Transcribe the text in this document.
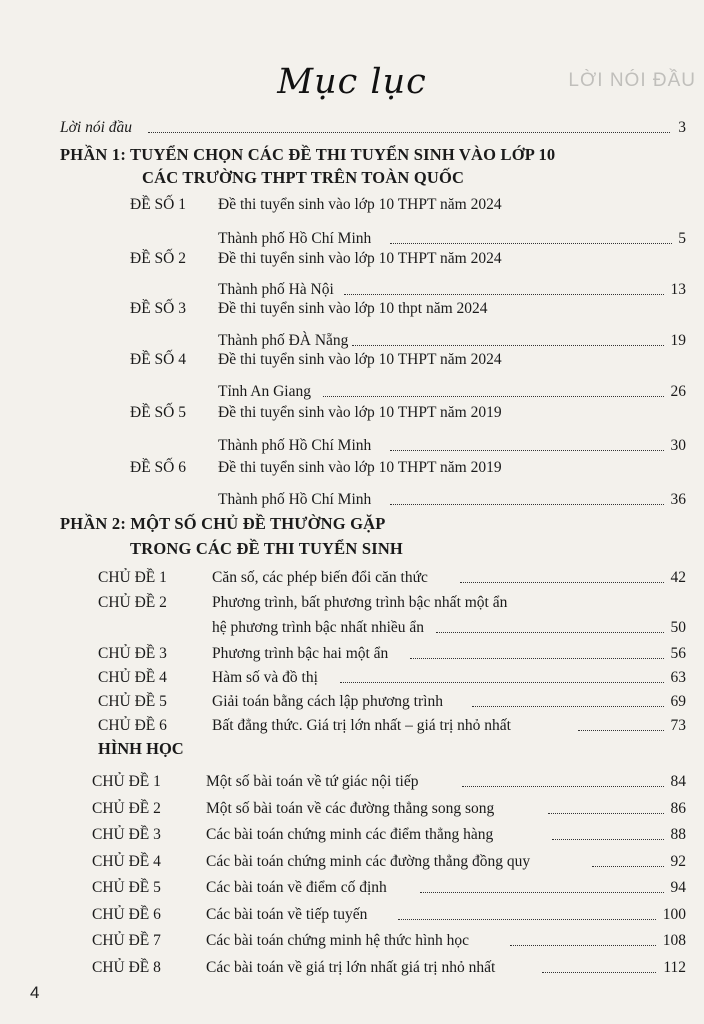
LỜI NÓI ĐẦU
Mục lục
Lời nói đầu	3
PHẦN 1: TUYỂN CHỌN CÁC ĐỀ THI TUYỂN SINH VÀO LỚP 10
CÁC TRƯỜNG THPT TRÊN TOÀN QUỐC
ĐỀ SỐ 1 Đề thi tuyển sinh vào lớp 10 THPT năm 2024
Thành phố Hồ Chí Minh	5
ĐỀ SỐ 2 Đề thi tuyển sinh vào lớp 10 THPT năm 2024
Thành phố Hà Nội	13
ĐỀ SỐ 3 Đề thi tuyển sinh vào lớp 10 thpt năm 2024
Thành phố ĐÀ Nẵng	19
ĐỀ SỐ 4 Đề thi tuyển sinh vào lớp 10 THPT năm 2024
Tỉnh An Giang	26
ĐỀ SỐ 5 Đề thi tuyển sinh vào lớp 10 THPT năm 2019
Thành phố Hồ Chí Minh	30
ĐỀ SỐ 6 Đề thi tuyển sinh vào lớp 10 THPT năm 2019
Thành phố Hồ Chí Minh	36
PHẦN 2: MỘT SỐ CHỦ ĐỀ THƯỜNG GẶP
TRONG CÁC ĐỀ THI TUYỂN SINH
CHỦ ĐỀ 1	Căn số, các phép biến đổi căn thức	42
CHỦ ĐỀ 2	Phương trình, bất phương trình bậc nhất một ẩn
hệ phương trình bậc nhất nhiều ẩn	50
CHỦ ĐỀ 3	Phương trình bậc hai một ẩn	56
CHỦ ĐỀ 4	Hàm số và đồ thị	63
CHỦ ĐỀ 5	Giải toán bằng cách lập phương trình	69
CHỦ ĐỀ 6	Bất đẳng thức. Giá trị lớn nhất – giá trị nhỏ nhất	73
HÌNH HỌC
CHỦ ĐỀ 1	Một số bài toán về tứ giác nội tiếp	84
CHỦ ĐỀ 2	Một số bài toán về các đường thẳng song song	86
CHỦ ĐỀ 3	Các bài toán chứng minh các điểm thẳng hàng	88
CHỦ ĐỀ 4	Các bài toán chứng minh các đường thẳng đồng quy	92
CHỦ ĐỀ 5	Các bài toán về điểm cố định	94
CHỦ ĐỀ 6	Các bài toán về tiếp tuyến	100
CHỦ ĐỀ 7	Các bài toán chứng minh hệ thức hình học	108
CHỦ ĐỀ 8	Các bài toán về giá trị lớn nhất giá trị nhỏ nhất	112
4
